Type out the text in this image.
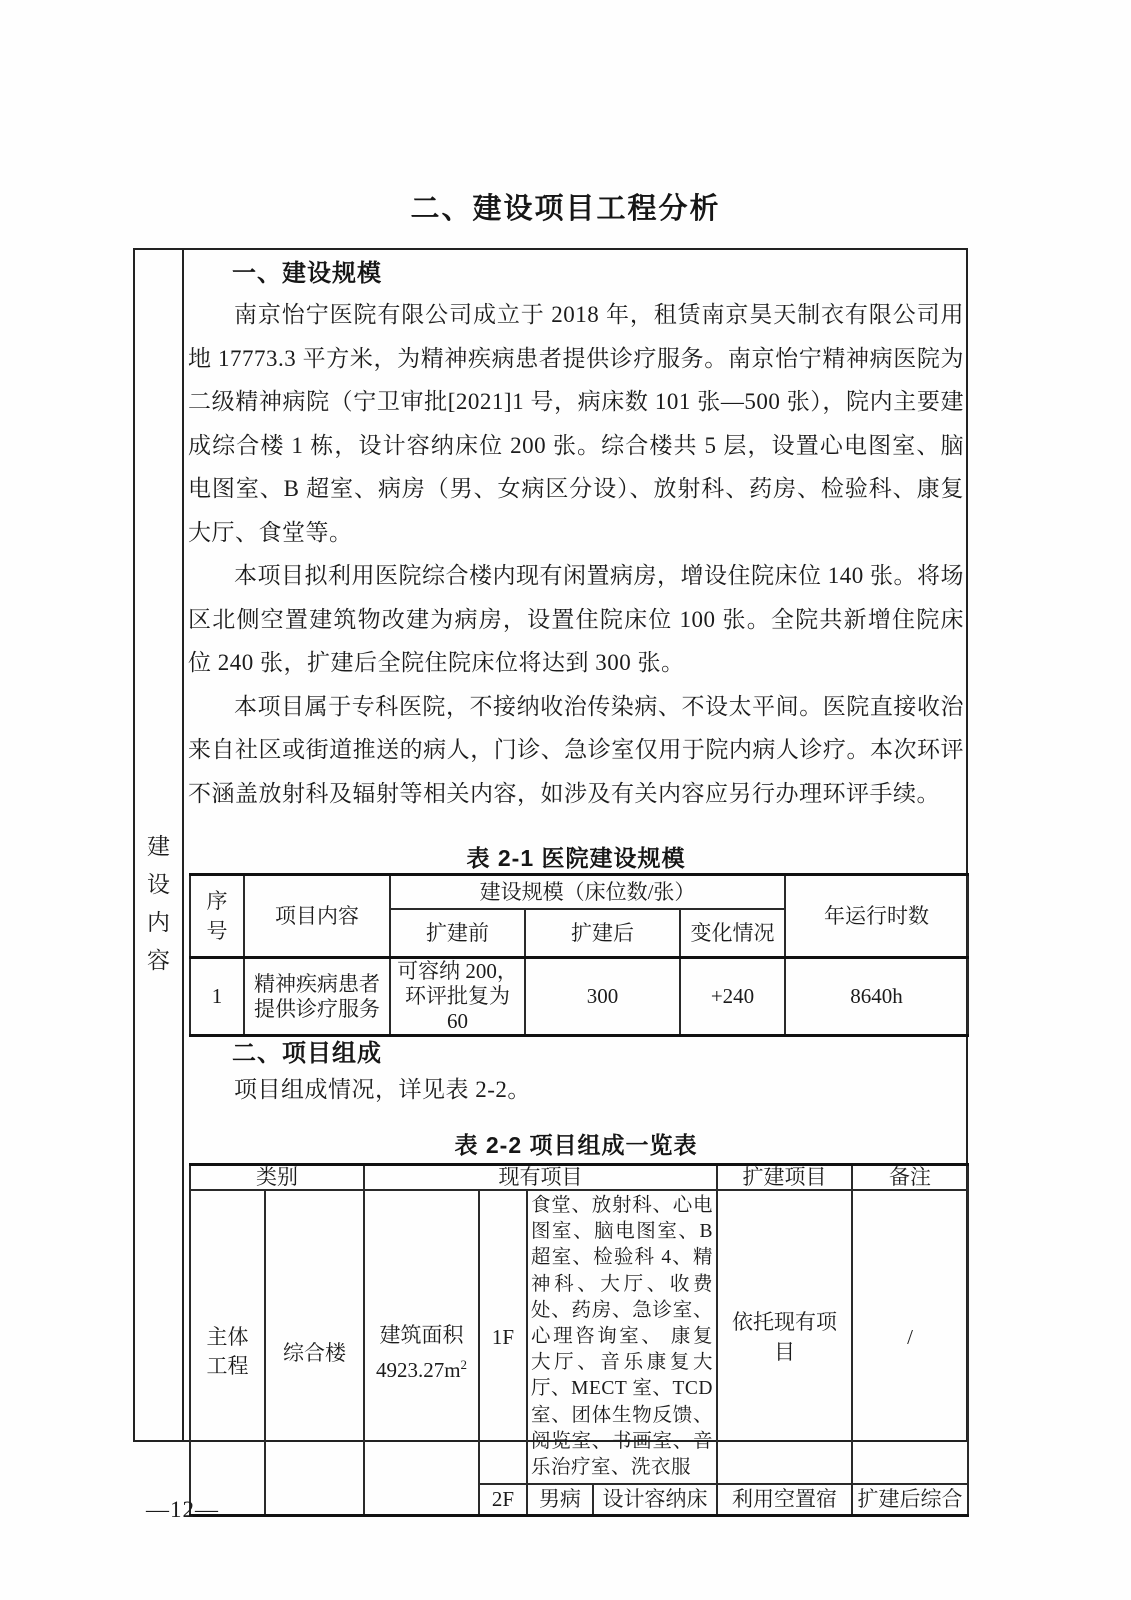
二、建设项目工程分析
建设内容
一、建设规模

南京怡宁医院有限公司成立于 2018 年，租赁南京昊天制衣有限公司用地 17773.3 平方米，为精神疾病患者提供诊疗服务。南京怡宁精神病医院为二级精神病院（宁卫审批[2021]1 号，病床数 101 张—500 张），院内主要建成综合楼 1 栋，设计容纳床位 200 张。综合楼共 5 层，设置心电图室、脑电图室、B 超室、病房（男、女病区分设）、放射科、药房、检验科、康复大厅、食堂等。

本项目拟利用医院综合楼内现有闲置病房，增设住院床位 140 张。将场区北侧空置建筑物改建为病房，设置住院床位 100 张。全院共新增住院床位 240 张，扩建后全院住院床位将达到 300 张。

本项目属于专科医院，不接纳收治传染病、不设太平间。医院直接收治来自社区或街道推送的病人，门诊、急诊室仅用于院内病人诊疗。本次环评不涵盖放射科及辐射等相关内容，如涉及有关内容应另行办理环评手续。

表 2-1 医院建设规模
序号	项目内容	建设规模（床位数/张）			年运行时数
		扩建前	扩建后	变化情况	
1	精神疾病患者提供诊疗服务	可容纳 200，环评批复为 60	300	+240	8640h
二、项目组成

项目组成情况，详见表 2-2。

表 2-2 项目组成一览表
类别		现有项目				扩建项目	备注
主体工程	综合楼	建筑面积
$4923.27m^2$	1F	食堂、放射科、心电图室、脑电图室、B 超室、检验科 4、精神科、大厅、收费处、药房、急诊室、心理咨询室、 康复大厅、音乐康复大厅、MECT 室、TCD 室、团体生物反馈、 阅览室、书画室、音乐治疗室、洗衣服		依托现有项目	/
			2F	男病	设计容纳床	利用空置宿	扩建后综合
—12—
